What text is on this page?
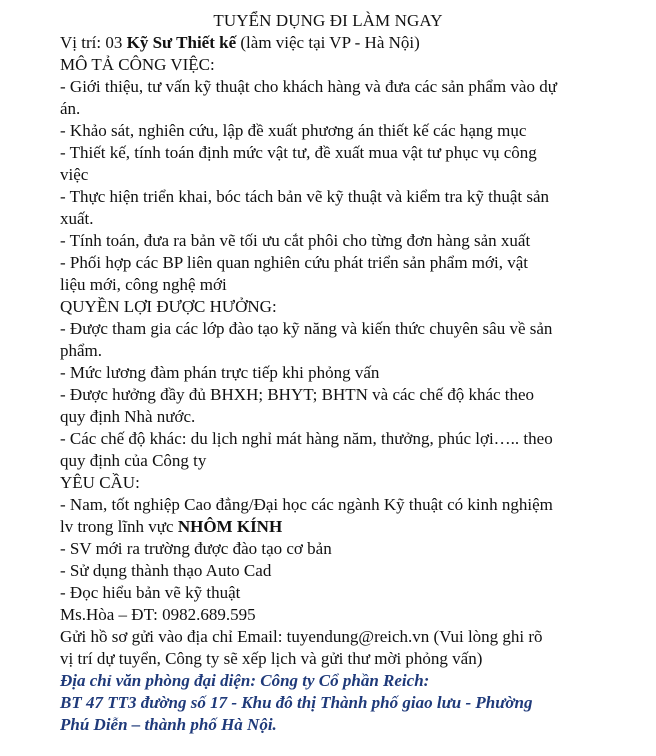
TUYỂN DỤNG ĐI LÀM NGAY
Vị trí: 03 Kỹ Sư Thiết kế (làm việc tại VP - Hà Nội)
MÔ TẢ CÔNG VIỆC:
- Giới thiệu, tư vấn kỹ thuật cho khách hàng và đưa các sản phẩm vào dự
án.
- Khảo sát, nghiên cứu, lập đề xuất phương án thiết kế các hạng mục
- Thiết kế, tính toán định mức vật tư, đề xuất mua vật tư phục vụ công
việc
- Thực hiện triển khai, bóc tách bản vẽ kỹ thuật và kiểm tra kỹ thuật sản
xuất.
- Tính toán, đưa ra bản vẽ tối ưu cắt phôi cho từng đơn hàng sản xuất
- Phối hợp các BP liên quan nghiên cứu phát triển sản phẩm mới, vật
liệu mới, công nghệ mới
QUYỀN LỢI ĐƯỢC HƯỞNG:
- Được tham gia các lớp đào tạo kỹ năng và kiến thức chuyên sâu về sản
phẩm.
- Mức lương đàm phán trực tiếp khi phỏng vấn
- Được hưởng đầy đủ BHXH; BHYT; BHTN và các chế độ khác theo
quy định Nhà nước.
- Các chế độ khác: du lịch nghỉ mát hàng năm, thưởng, phúc lợi….. theo
quy định của Công ty
YÊU CẦU:
- Nam, tốt nghiệp Cao đẳng/Đại học các ngành Kỹ thuật có kinh nghiệm
lv trong lĩnh vực NHÔM KÍNH
- SV mới ra trường được đào tạo cơ bản
- Sử dụng thành thạo Auto Cad
- Đọc hiểu bản vẽ kỹ thuật
Ms.Hòa – ĐT: 0982.689.595
Gửi hồ sơ gửi vào địa chỉ Email: tuyendung@reich.vn (Vui lòng ghi rõ
vị trí dự tuyển, Công ty sẽ xếp lịch và gửi thư mời phỏng vấn)
Địa chỉ văn phòng đại diện: Công ty Cổ phần Reich:
BT 47 TT3 đường số 17 - Khu đô thị Thành phố giao lưu - Phường
Phú Diễn – thành phố Hà Nội.
